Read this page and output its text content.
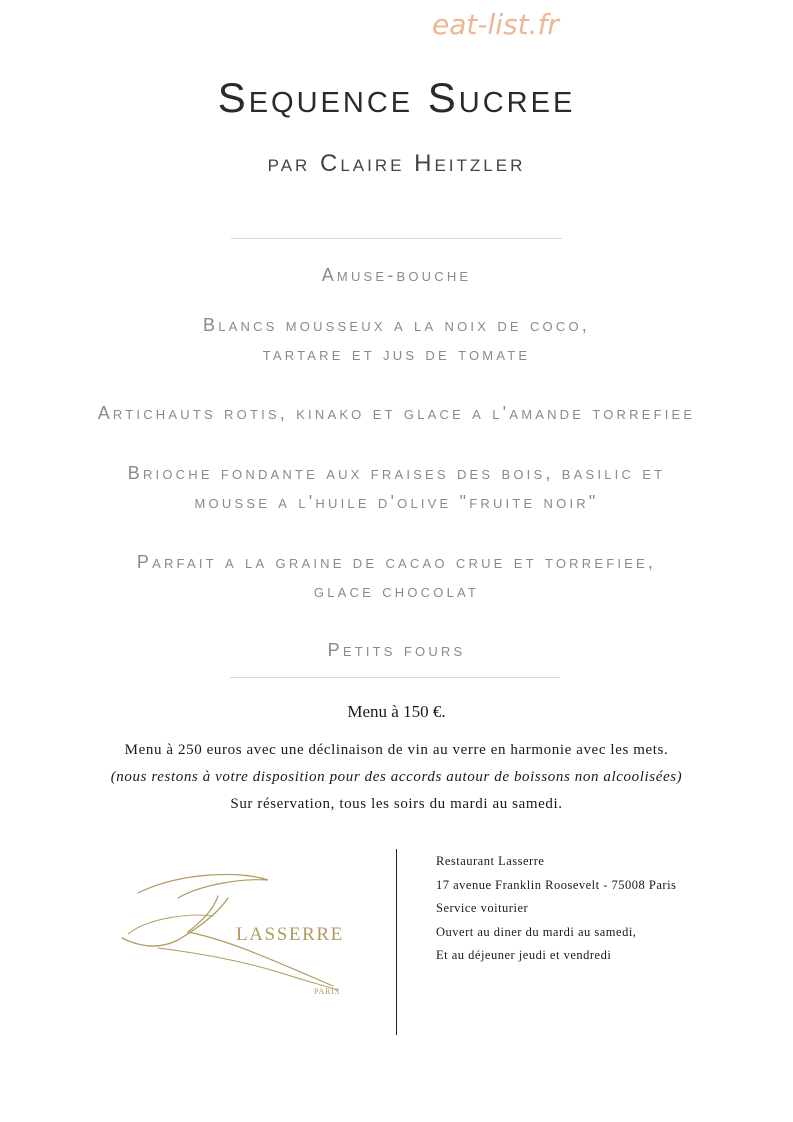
eat-list.fr
Sequence Sucree
par Claire Heitzler
Amuse-bouche
Blancs mousseux a la noix de coco,
tartare et jus de tomate
Artichauts rotis, kinako et glace a l'amande torrefiee
Brioche fondante aux fraises des bois, basilic et
mousse a l'huile d'olive "fruite noir"
Parfait a la graine de cacao crue et torrefiee,
glace chocolat
Petits fours
Menu à 150 €.
Menu à 250 euros avec une déclinaison de vin au verre en harmonie avec les mets.
(nous restons à votre disposition pour des accords autour de boissons non alcoolisées)
Sur réservation, tous les soirs du mardi au samedi.
LASSERRE
PARIS
Restaurant Lasserre
17 avenue Franklin Roosevelt - 75008 Paris
Service voiturier
Ouvert au diner du mardi au samedi,
Et au déjeuner jeudi et vendredi
